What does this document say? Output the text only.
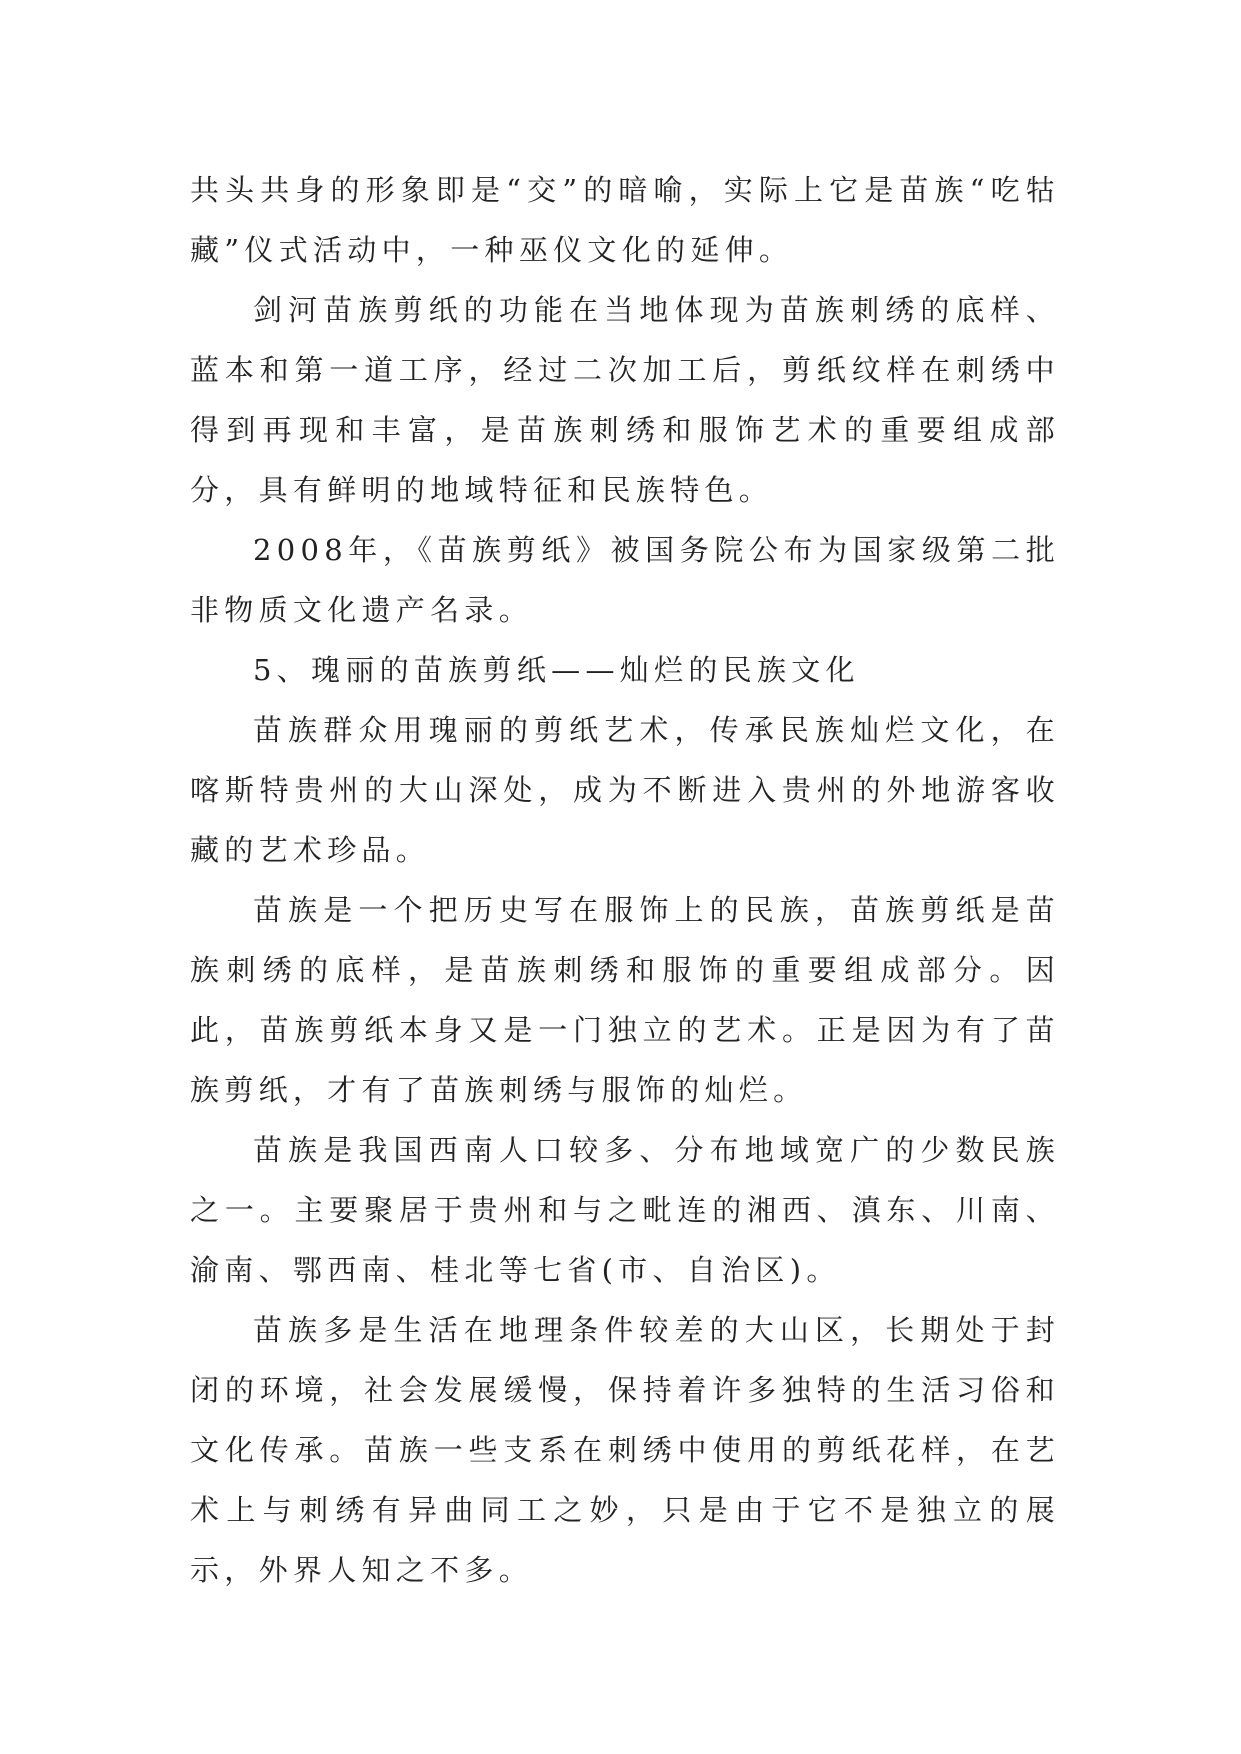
共头共身的形象即是“交”的暗喻，实际上它是苗族“吃牯藏”仪式活动中，一种巫仪文化的延伸。

剑河苗族剪纸的功能在当地体现为苗族刺绣的底样、蓝本和第一道工序，经过二次加工后，剪纸纹样在刺绣中得到再现和丰富，是苗族刺绣和服饰艺术的重要组成部分，具有鲜明的地域特征和民族特色。

2008年，《苗族剪纸》被国务院公布为国家级第二批非物质文化遗产名录。

5、瑰丽的苗族剪纸——灿烂的民族文化

苗族群众用瑰丽的剪纸艺术，传承民族灿烂文化，在喀斯特贵州的大山深处，成为不断进入贵州的外地游客收藏的艺术珍品。

苗族是一个把历史写在服饰上的民族，苗族剪纸是苗族刺绣的底样，是苗族刺绣和服饰的重要组成部分。因此，苗族剪纸本身又是一门独立的艺术。正是因为有了苗族剪纸，才有了苗族刺绣与服饰的灿烂。

苗族是我国西南人口较多、分布地域宽广的少数民族之一。主要聚居于贵州和与之毗连的湘西、滇东、川南、渝南、鄂西南、桂北等七省(市、自治区)。

苗族多是生活在地理条件较差的大山区，长期处于封闭的环境，社会发展缓慢，保持着许多独特的生活习俗和文化传承。苗族一些支系在刺绣中使用的剪纸花样，在艺术上与刺绣有异曲同工之妙，只是由于它不是独立的展示，外界人知之不多。
